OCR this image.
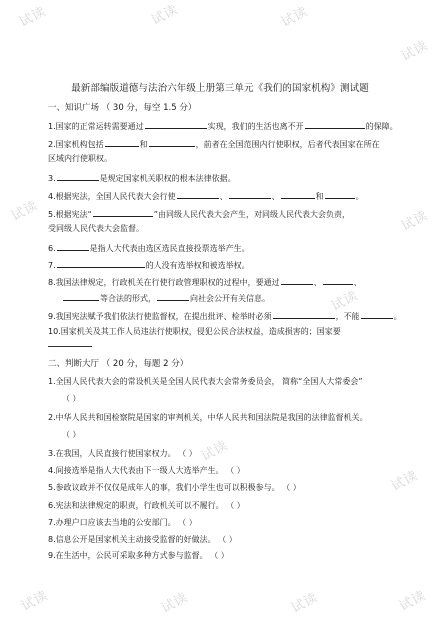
最新部编版道德与法治六年级上册第三单元《我们的国家机构》测试题
一、知识广场 （ 30 分，每空 1.5 分）
1.国家的正常运转需要通过	实现，我们的生活也离不开	的保障。
2.国家机构包括	和	，前者在全国范围内行使职权，后者代表国家在所在
区域内行使职权。
3.	是规定国家机关职权的根本法律依据。
4.根据宪法，全国人民代表大会行使	、	、	和	。
5.根据宪法“	”由同级人民代表大会产生，对同级人民代表大会负责，
受同级人民代表大会监督。
6.	是指人大代表由选区选民直接投票选举产生。
7.	的人没有选举权和被选举权。
8.我国法律规定，行政机关在行使行政管理职权的过程中，要通过	、	、
等合法的形式，	向社会公开有关信息。
9.我国宪法赋予我们依法行使监督权，在提出批评、检举时必须	，不能	。
10.国家机关及其工作人员违法行使职权，侵犯公民合法权益，造成损害的；国家要
二、判断大厅 （ 20 分，每题 2 分）
1.全国人民代表大会的常设机关是全国人民代表大会常务委员会， 简称“全国人大常委会”
（ ）
2.中华人民共和国检察院是国家的审判机关，中华人民共和国法院是我国的法律监督机关。
（ ）
3.在我国，人民直接行使国家权力。 （ ）
4.间接选举是指人大代表由下一级人大选举产生。 （ ）
5.参政议政并不仅仅是成年人的事，我们小学生也可以积极参与。 （ ）
6.宪法和法律规定的职责，行政机关可以不履行。 （ ）
7.办理户口应该去当地的公安部门。 （ ）
8.信息公开是国家机关主动接受监督的好做法。 （ ）
9.在生活中，公民可采取多种方式参与监督。 （ ）
试读	试读	试读
试读
试读	试读
试读
试读
试读
试读	试读	试读	试读
